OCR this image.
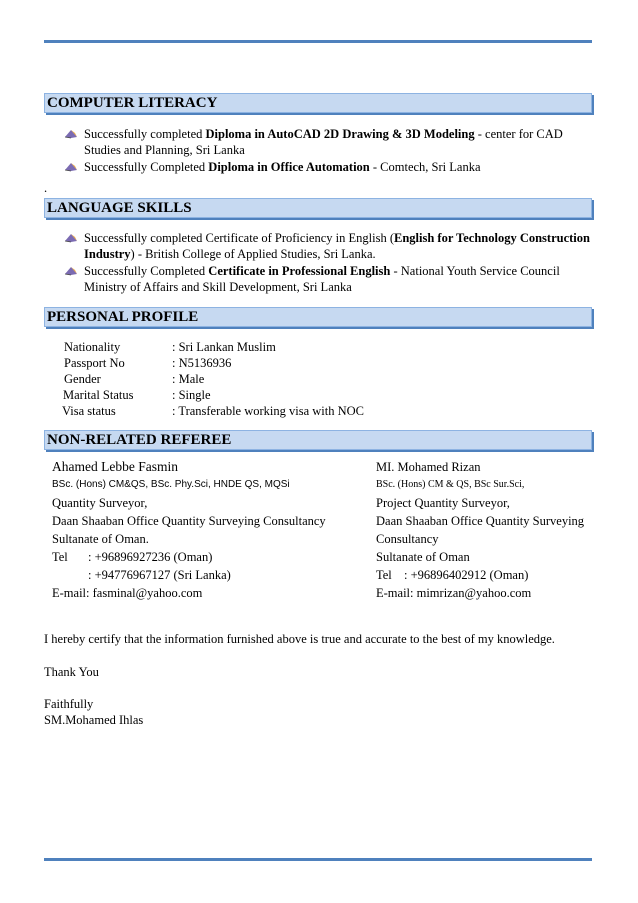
COMPUTER LITERACY
Successfully completed Diploma in AutoCAD 2D Drawing & 3D Modeling - center for CAD Studies and Planning, Sri Lanka
Successfully Completed Diploma in Office Automation - Comtech, Sri Lanka
.
LANGUAGE SKILLS
Successfully completed Certificate of Proficiency in English (English for Technology Construction Industry) - British College of Applied Studies, Sri Lanka.
Successfully Completed Certificate in Professional English - National Youth Service Council Ministry of Affairs and Skill Development, Sri Lanka
PERSONAL PROFILE
Nationality	: Sri Lankan Muslim
Passport No	: N5136936
Gender	: Male
Marital Status	: Single
Visa status	: Transferable working visa with NOC
NON-RELATED REFEREE
Ahamed Lebbe Fasmin
BSc. (Hons) CM&QS, BSc. Phy.Sci, HNDE QS, MQSi
Quantity Surveyor,
Daan Shaaban Office Quantity Surveying Consultancy
Sultanate of Oman.
Tel : +96896927236 (Oman)
: +94776967127 (Sri Lanka)
E-mail: fasminal@yahoo.com
MI. Mohamed Rizan
BSc. (Hons) CM & QS, BSc Sur.Sci,
Project Quantity Surveyor,
Daan Shaaban Office Quantity Surveying
Consultancy
Sultanate of Oman
Tel : +96896402912 (Oman)
E-mail: mimrizan@yahoo.com
I hereby certify that the information furnished above is true and accurate to the best of my knowledge.
Thank You
Faithfully
SM.Mohamed Ihlas
